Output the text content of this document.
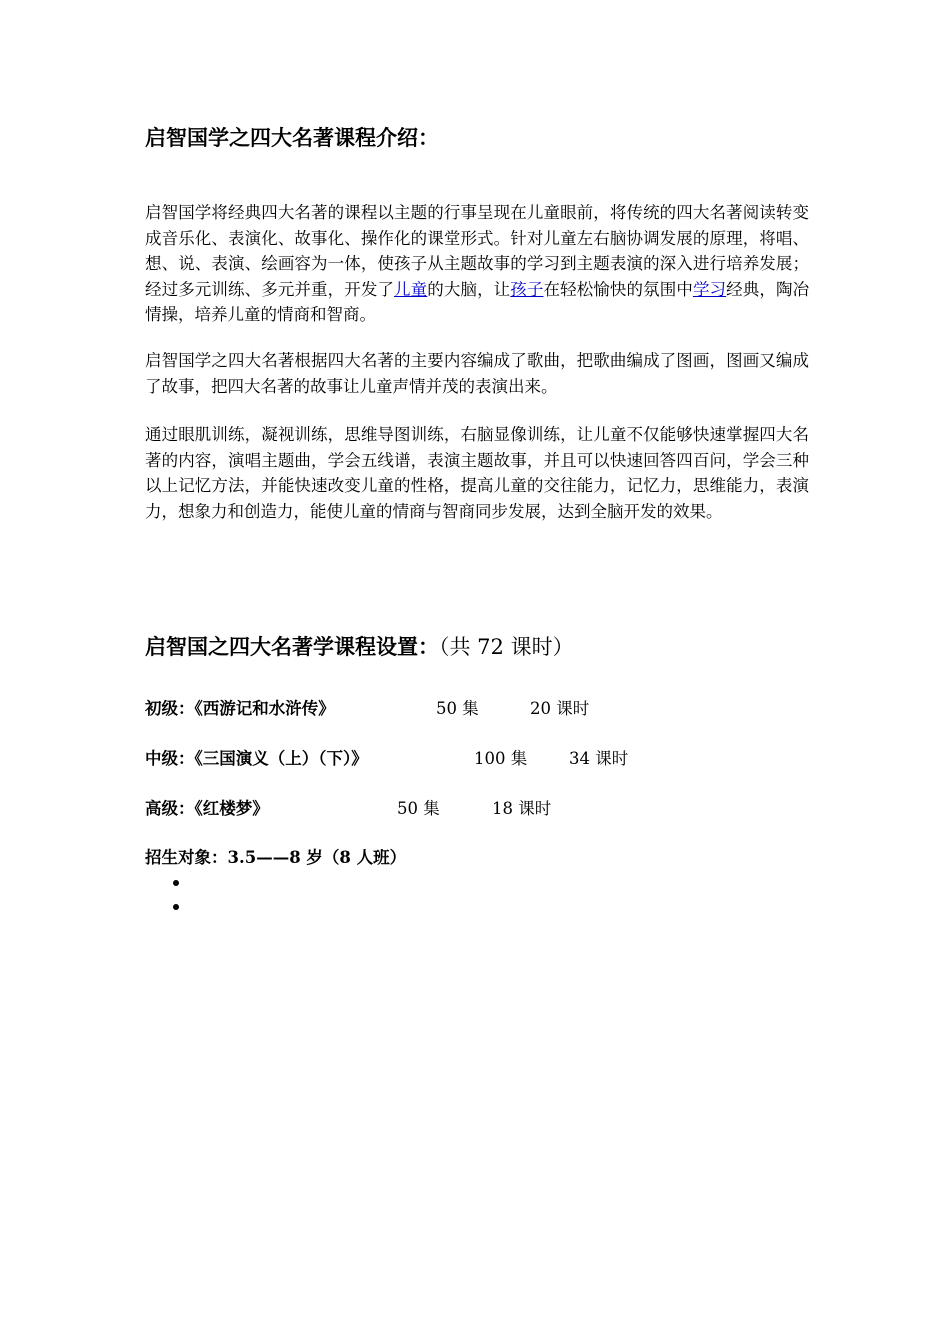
启智国学之四大名著课程介绍：
启智国学将经典四大名著的课程以主题的行事呈现在儿童眼前，将传统的四大名著阅读转变成音乐化、表演化、故事化、操作化的课堂形式。针对儿童左右脑协调发展的原理，将唱、想、说、表演、绘画容为一体，使孩子从主题故事的学习到主题表演的深入进行培养发展；经过多元训练、多元并重，开发了儿童的大脑，让孩子在轻松愉快的氛围中学习经典，陶冶情操，培养儿童的情商和智商。
启智国学之四大名著根据四大名著的主要内容编成了歌曲，把歌曲编成了图画，图画又编成了故事，把四大名著的故事让儿童声情并茂的表演出来。
通过眼肌训练，凝视训练，思维导图训练，右脑显像训练，让儿童不仅能够快速掌握四大名著的内容，演唱主题曲，学会五线谱，表演主题故事，并且可以快速回答四百问，学会三种以上记忆方法，并能快速改变儿童的性格，提高儿童的交往能力，记忆力，思维能力，表演力，想象力和创造力，能使儿童的情商与智商同步发展，达到全脑开发的效果。
启智国之四大名著学课程设置：（共 72 课时）
初级：《西游记和水浒传》	50 集	20 课时
中级：《三国演义（上）（下）》	100 集	34 课时
高级：《红楼梦》	50 集	18 课时
招生对象：3.5——8 岁（8 人班）
